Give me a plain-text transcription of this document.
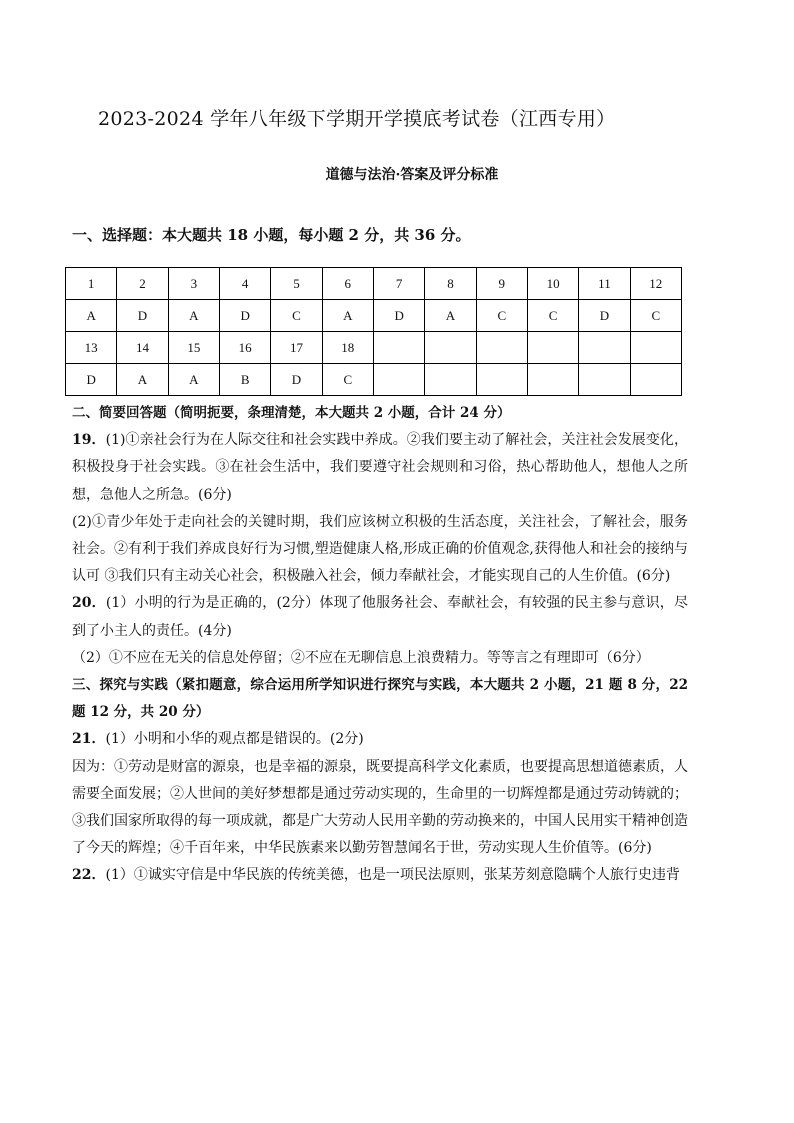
2023-2024 学年八年级下学期开学摸底考试卷（江西专用）
道德与法治·答案及评分标准
一、选择题：本大题共 18 小题，每小题 2 分，共 36 分。
1	2	3	4	5	6	7	8	9	10	11	12
A	D	A	D	C	A	D	A	C	C	D	C
13	14	15	16	17	18						
D	A	A	B	D	C						

二、简要回答题（简明扼要，条理清楚，本大题共 2 小题，合计 24 分）

19．(1)①亲社会行为在人际交往和社会实践中养成。②我们要主动了解社会，关注社会发展变化，积极投身于社会实践。③在社会生活中，我们要遵守社会规则和习俗，热心帮助他人，想他人之所想，急他人之所急。(6分)

(2)①青少年处于走向社会的关键时期，我们应该树立积极的生活态度，关注社会，了解社会，服务社会。②有利于我们养成良好行为习惯,塑造健康人格,形成正确的价值观念,获得他人和社会的接纳与认可 ③我们只有主动关心社会，积极融入社会，倾力奉献社会，才能实现自己的人生价值。(6分)

20．(1）小明的行为是正确的，(2分）体现了他服务社会、奉献社会，有较强的民主参与意识，尽到了小主人的责任。(4分)

（2）①不应在无关的信息处停留；②不应在无聊信息上浪费精力。等等言之有理即可（6分）

三、探究与实践（紧扣题意，综合运用所学知识进行探究与实践，本大题共 2 小题，21 题 8 分，22 题 12 分，共 20 分）

21．(1）小明和小华的观点都是错误的。(2分)

因为：①劳动是财富的源泉，也是幸福的源泉，既要提高科学文化素质，也要提高思想道德素质，人需要全面发展；②人世间的美好梦想都是通过劳动实现的，生命里的一切辉煌都是通过劳动铸就的；③我们国家所取得的每一项成就，都是广大劳动人民用辛勤的劳动换来的，中国人民用实干精神创造了今天的辉煌；④千百年来，中华民族素来以勤劳智慧闻名于世，劳动实现人生价值等。(6分)

22．(1）①诚实守信是中华民族的传统美德，也是一项民法原则，张某芳刻意隐瞒个人旅行史违背
